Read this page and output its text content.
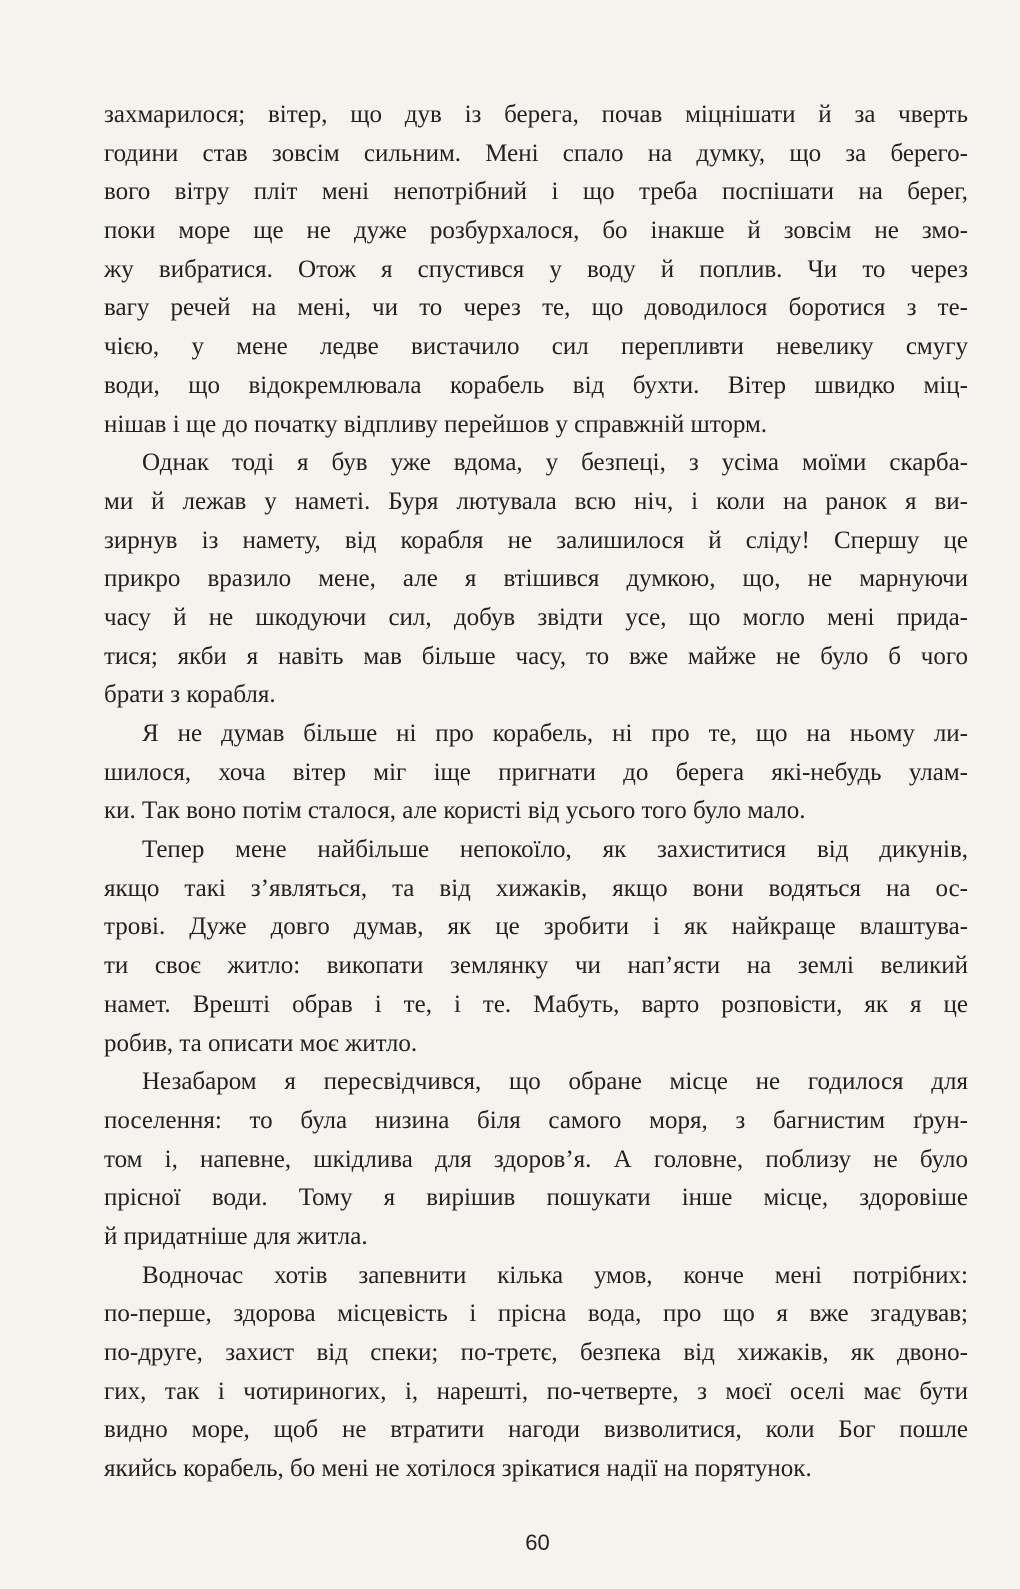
захмарилося; вітер, що дув із берега, почав міцнішати й за чверть
години став зовсім сильним. Мені спало на думку, що за берего-
вого вітру пліт мені непотрібний і що треба поспішати на берег,
поки море ще не дуже розбурхалося, бо інакше й зовсім не змо-
жу вибратися. Отож я спустився у воду й поплив. Чи то через
вагу речей на мені, чи то через те, що доводилося боротися з те-
чією, у мене ледве вистачило сил перепливти невелику смугу
води, що відокремлювала корабель від бухти. Вітер швидко міц-
нішав і ще до початку відпливу перейшов у справжній шторм.
Однак тоді я був уже вдома, у безпеці, з усіма моїми скарба-
ми й лежав у наметі. Буря лютувала всю ніч, і коли на ранок я ви-
зирнув із намету, від корабля не залишилося й сліду! Спершу це
прикро вразило мене, але я втішився думкою, що, не марнуючи
часу й не шкодуючи сил, добув звідти усе, що могло мені прида-
тися; якби я навіть мав більше часу, то вже майже не було б чого
брати з корабля.
Я не думав більше ні про корабель, ні про те, що на ньому ли-
шилося, хоча вітер міг іще пригнати до берега які-небудь улам-
ки. Так воно потім сталося, але користі від усього того було мало.
Тепер мене найбільше непокоїло, як захиститися від дикунів,
якщо такі з’являться, та від хижаків, якщо вони водяться на ос-
трові. Дуже довго думав, як це зробити і як найкраще влаштува-
ти своє житло: викопати землянку чи нап’ясти на землі великий
намет. Врешті обрав і те, і те. Мабуть, варто розповісти, як я це
робив, та описати моє житло.
Незабаром я пересвідчився, що обране місце не годилося для
поселення: то була низина біля самого моря, з багнистим ґрун-
том і, напевне, шкідлива для здоров’я. А головне, поблизу не було
прісної води. Тому я вирішив пошукати інше місце, здоровіше
й придатніше для житла.
Водночас хотів запевнити кілька умов, конче мені потрібних:
по-перше, здорова місцевість і прісна вода, про що я вже згадував;
по-друге, захист від спеки; по-третє, безпека від хижаків, як двоно-
гих, так і чотириногих, і, нарешті, по-четверте, з моєї оселі має бути
видно море, щоб не втратити нагоди визволитися, коли Бог пошле
якийсь корабель, бо мені не хотілося зрікатися надії на порятунок.
60
